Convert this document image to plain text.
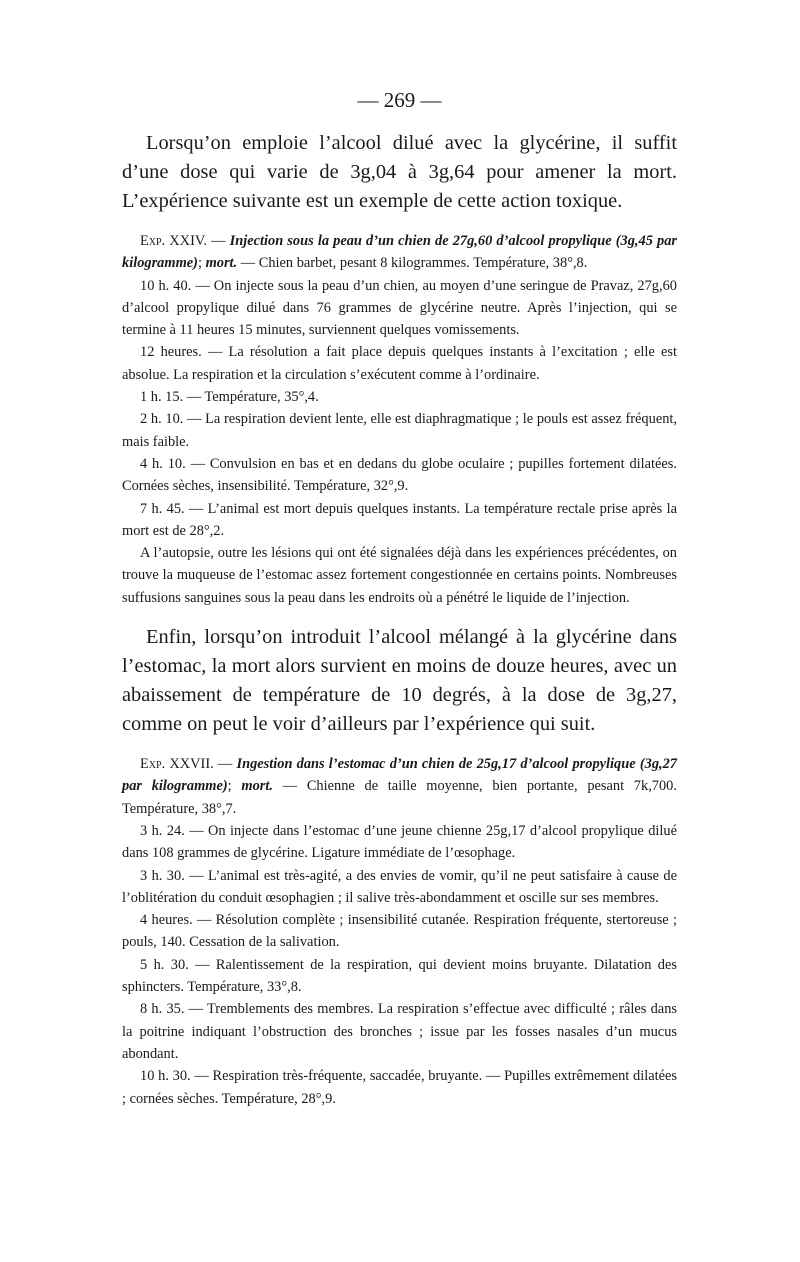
— 269 —

Lorsqu’on emploie l’alcool dilué avec la glycérine, il suffit d’une dose qui varie de 3g,04 à 3g,64 pour amener la mort. L’expérience suivante est un exemple de cette action toxique.

Exp. XXIV. — Injection sous la peau d’un chien de 27g,60 d’alcool propylique (3g,45 par kilogramme); mort. — Chien barbet, pesant 8 kilogrammes. Température, 38°,8.

10 h. 40. — On injecte sous la peau d’un chien, au moyen d’une seringue de Pravaz, 27g,60 d’alcool propylique dilué dans 76 grammes de glycérine neutre. Après l’injection, qui se termine à 11 heures 15 minutes, surviennent quelques vomissements.

12 heures. — La résolution a fait place depuis quelques instants à l’excitation ; elle est absolue. La respiration et la circulation s’exécutent comme à l’ordinaire.

1 h. 15. — Température, 35°,4.

2 h. 10. — La respiration devient lente, elle est diaphragmatique ; le pouls est assez fréquent, mais faible.

4 h. 10. — Convulsion en bas et en dedans du globe oculaire ; pupilles fortement dilatées. Cornées sèches, insensibilité. Température, 32°,9.

7 h. 45. — L’animal est mort depuis quelques instants. La température rectale prise après la mort est de 28°,2.

A l’autopsie, outre les lésions qui ont été signalées déjà dans les expériences précédentes, on trouve la muqueuse de l’estomac assez fortement congestionnée en certains points. Nombreuses suffusions sanguines sous la peau dans les endroits où a pénétré le liquide de l’injection.

Enfin, lorsqu’on introduit l’alcool mélangé à la glycérine dans l’estomac, la mort alors survient en moins de douze heures, avec un abaissement de température de 10 degrés, à la dose de 3g,27, comme on peut le voir d’ailleurs par l’expérience qui suit.

Exp. XXVII. — Ingestion dans l’estomac d’un chien de 25g,17 d’alcool propylique (3g,27 par kilogramme); mort. — Chienne de taille moyenne, bien portante, pesant 7k,700. Température, 38°,7.

3 h. 24. — On injecte dans l’estomac d’une jeune chienne 25g,17 d’alcool propylique dilué dans 108 grammes de glycérine. Ligature immédiate de l’œsophage.

3 h. 30. — L’animal est très-agité, a des envies de vomir, qu’il ne peut satisfaire à cause de l’oblitération du conduit œsophagien ; il salive très-abondamment et oscille sur ses membres.

4 heures. — Résolution complète ; insensibilité cutanée. Respiration fréquente, stertoreuse ; pouls, 140. Cessation de la salivation.

5 h. 30. — Ralentissement de la respiration, qui devient moins bruyante. Dilatation des sphincters. Température, 33°,8.

8 h. 35. — Tremblements des membres. La respiration s’effectue avec difficulté ; râles dans la poitrine indiquant l’obstruction des bronches ; issue par les fosses nasales d’un mucus abondant.

10 h. 30. — Respiration très-fréquente, saccadée, bruyante. — Pupilles extrêmement dilatées ; cornées sèches. Température, 28°,9.
